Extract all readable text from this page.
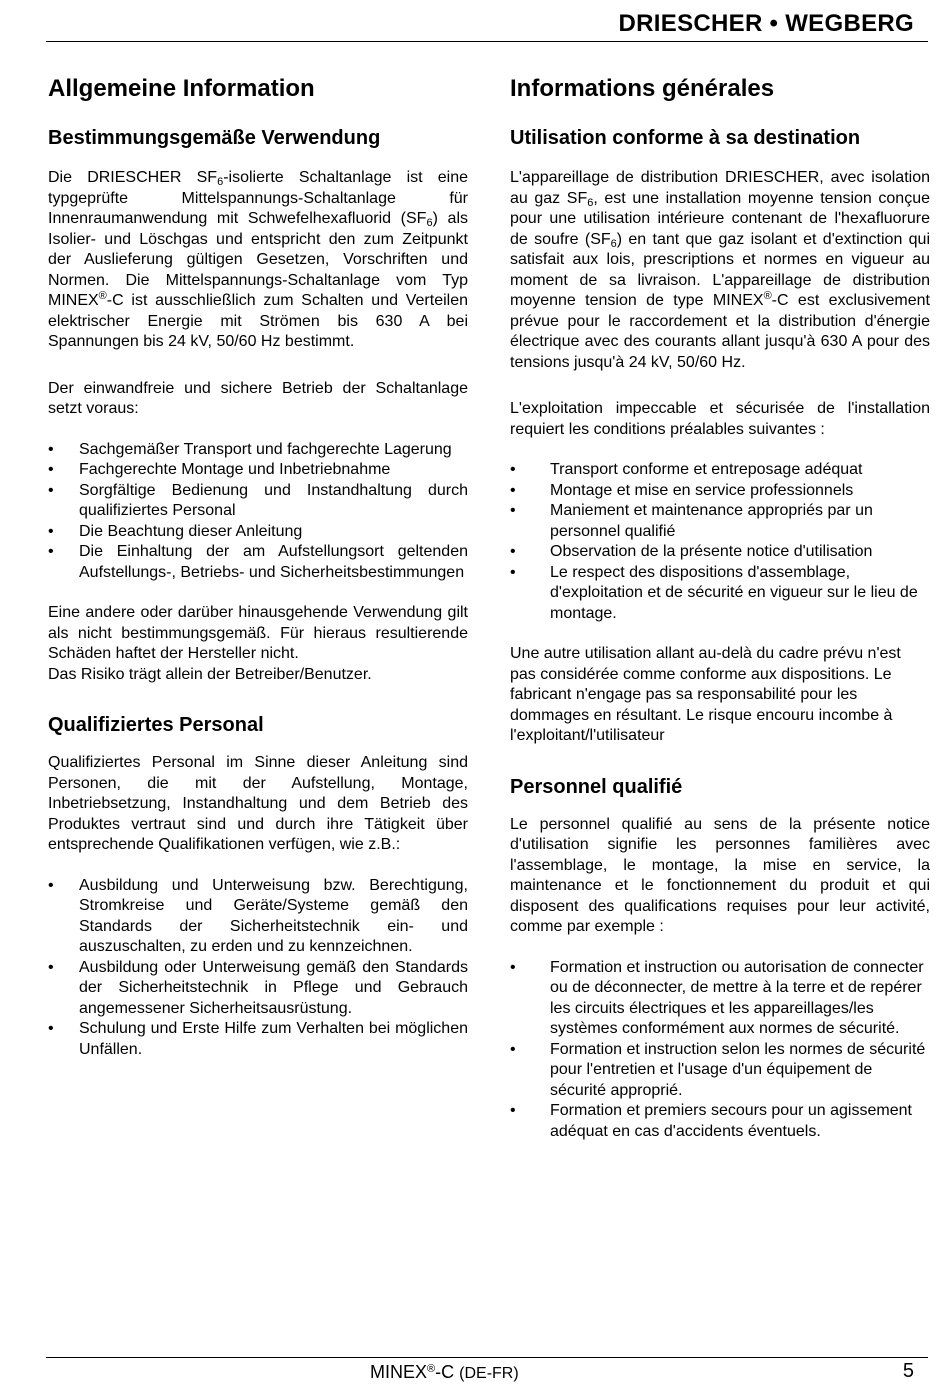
DRIESCHER • WEGBERG
Allgemeine Information
Bestimmungsgemäße Verwendung

Die DRIESCHER $SF_6$-isolierte Schaltanlage ist eine typgeprüfte Mittelspannungs-Schaltanlage für Innenraumanwendung mit Schwefelhexafluorid $(SF_6)$ als Isolier- und Löschgas und entspricht den zum Zeitpunkt der Auslieferung gültigen Gesetzen, Vorschriften und Normen. Die Mittelspannungs-Schaltanlage vom Typ MINEX®-C ist ausschließlich zum Schalten und Verteilen elektrischer Energie mit Strömen bis 630 A bei Spannungen bis 24 kV, 50/60 Hz bestimmt.

Der einwandfreie und sichere Betrieb der Schaltanlage setzt voraus:

• Sachgemäßer Transport und fachgerechte Lagerung
• Fachgerechte Montage und Inbetriebnahme
• Sorgfältige Bedienung und Instandhaltung durch qualifiziertes Personal
• Die Beachtung dieser Anleitung
• Die Einhaltung der am Aufstellungsort geltenden Aufstellungs-, Betriebs- und Sicherheitsbestimmungen

Eine andere oder darüber hinausgehende Verwendung gilt als nicht bestimmungsgemäß. Für hieraus resultierende Schäden haftet der Hersteller nicht.

Das Risiko trägt allein der Betreiber/Benutzer.

Qualifiziertes Personal

Qualifiziertes Personal im Sinne dieser Anleitung sind Personen, die mit der Aufstellung, Montage, Inbetriebsetzung, Instandhaltung und dem Betrieb des Produktes vertraut sind und durch ihre Tätigkeit über entsprechende Qualifikationen verfügen, wie z.B.:

• Ausbildung und Unterweisung bzw. Berechtigung, Stromkreise und Geräte/Systeme gemäß den Standards der Sicherheitstechnik ein- und auszuschalten, zu erden und zu kennzeichnen.
• Ausbildung oder Unterweisung gemäß den Standards der Sicherheitstechnik in Pflege und Gebrauch angemessener Sicherheitsausrüstung.
• Schulung und Erste Hilfe zum Verhalten bei möglichen Unfällen.
Informations générales
Utilisation conforme à sa destination

L'appareillage de distribution DRIESCHER, avec isolation au gaz $SF_6$, est une installation moyenne tension conçue pour une utilisation intérieure contenant de l'hexafluorure de soufre $(SF_6)$ en tant que gaz isolant et d'extinction qui satisfait aux lois, prescriptions et normes en vigueur au moment de sa livraison. L'appareillage de distribution moyenne tension de type MINEX®-C est exclusivement prévue pour le raccordement et la distribution d'énergie électrique avec des courants allant jusqu'à 630 A pour des tensions jusqu'à 24 kV, 50/60 Hz.

L'exploitation impeccable et sécurisée de l'installation requiert les conditions préalables suivantes :

• Transport conforme et entreposage adéquat
• Montage et mise en service professionnels
• Maniement et maintenance appropriés par un personnel qualifié
• Observation de la présente notice d'utilisation
• Le respect des dispositions d'assemblage, d'exploitation et de sécurité en vigueur sur le lieu de montage.

Une autre utilisation allant au-delà du cadre prévu n'est pas considérée comme conforme aux dispositions. Le fabricant n'engage pas sa responsabilité pour les dommages en résultant. Le risque encouru incombe à l'exploitant/l'utilisateur

Personnel qualifié

Le personnel qualifié au sens de la présente notice d'utilisation signifie les personnes familières avec l'assemblage, le montage, la mise en service, la maintenance et le fonctionnement du produit et qui disposent des qualifications requises pour leur activité, comme par exemple :

• Formation et instruction ou autorisation de connecter ou de déconnecter, de mettre à la terre et de repérer les circuits électriques et les appareillages/les systèmes conformément aux normes de sécurité.
• Formation et instruction selon les normes de sécurité pour l'entretien et l'usage d'un équipement de sécurité approprié.
• Formation et premiers secours pour un agissement adéquat en cas d'accidents éventuels.
MINEX®-C (DE-FR)	5
